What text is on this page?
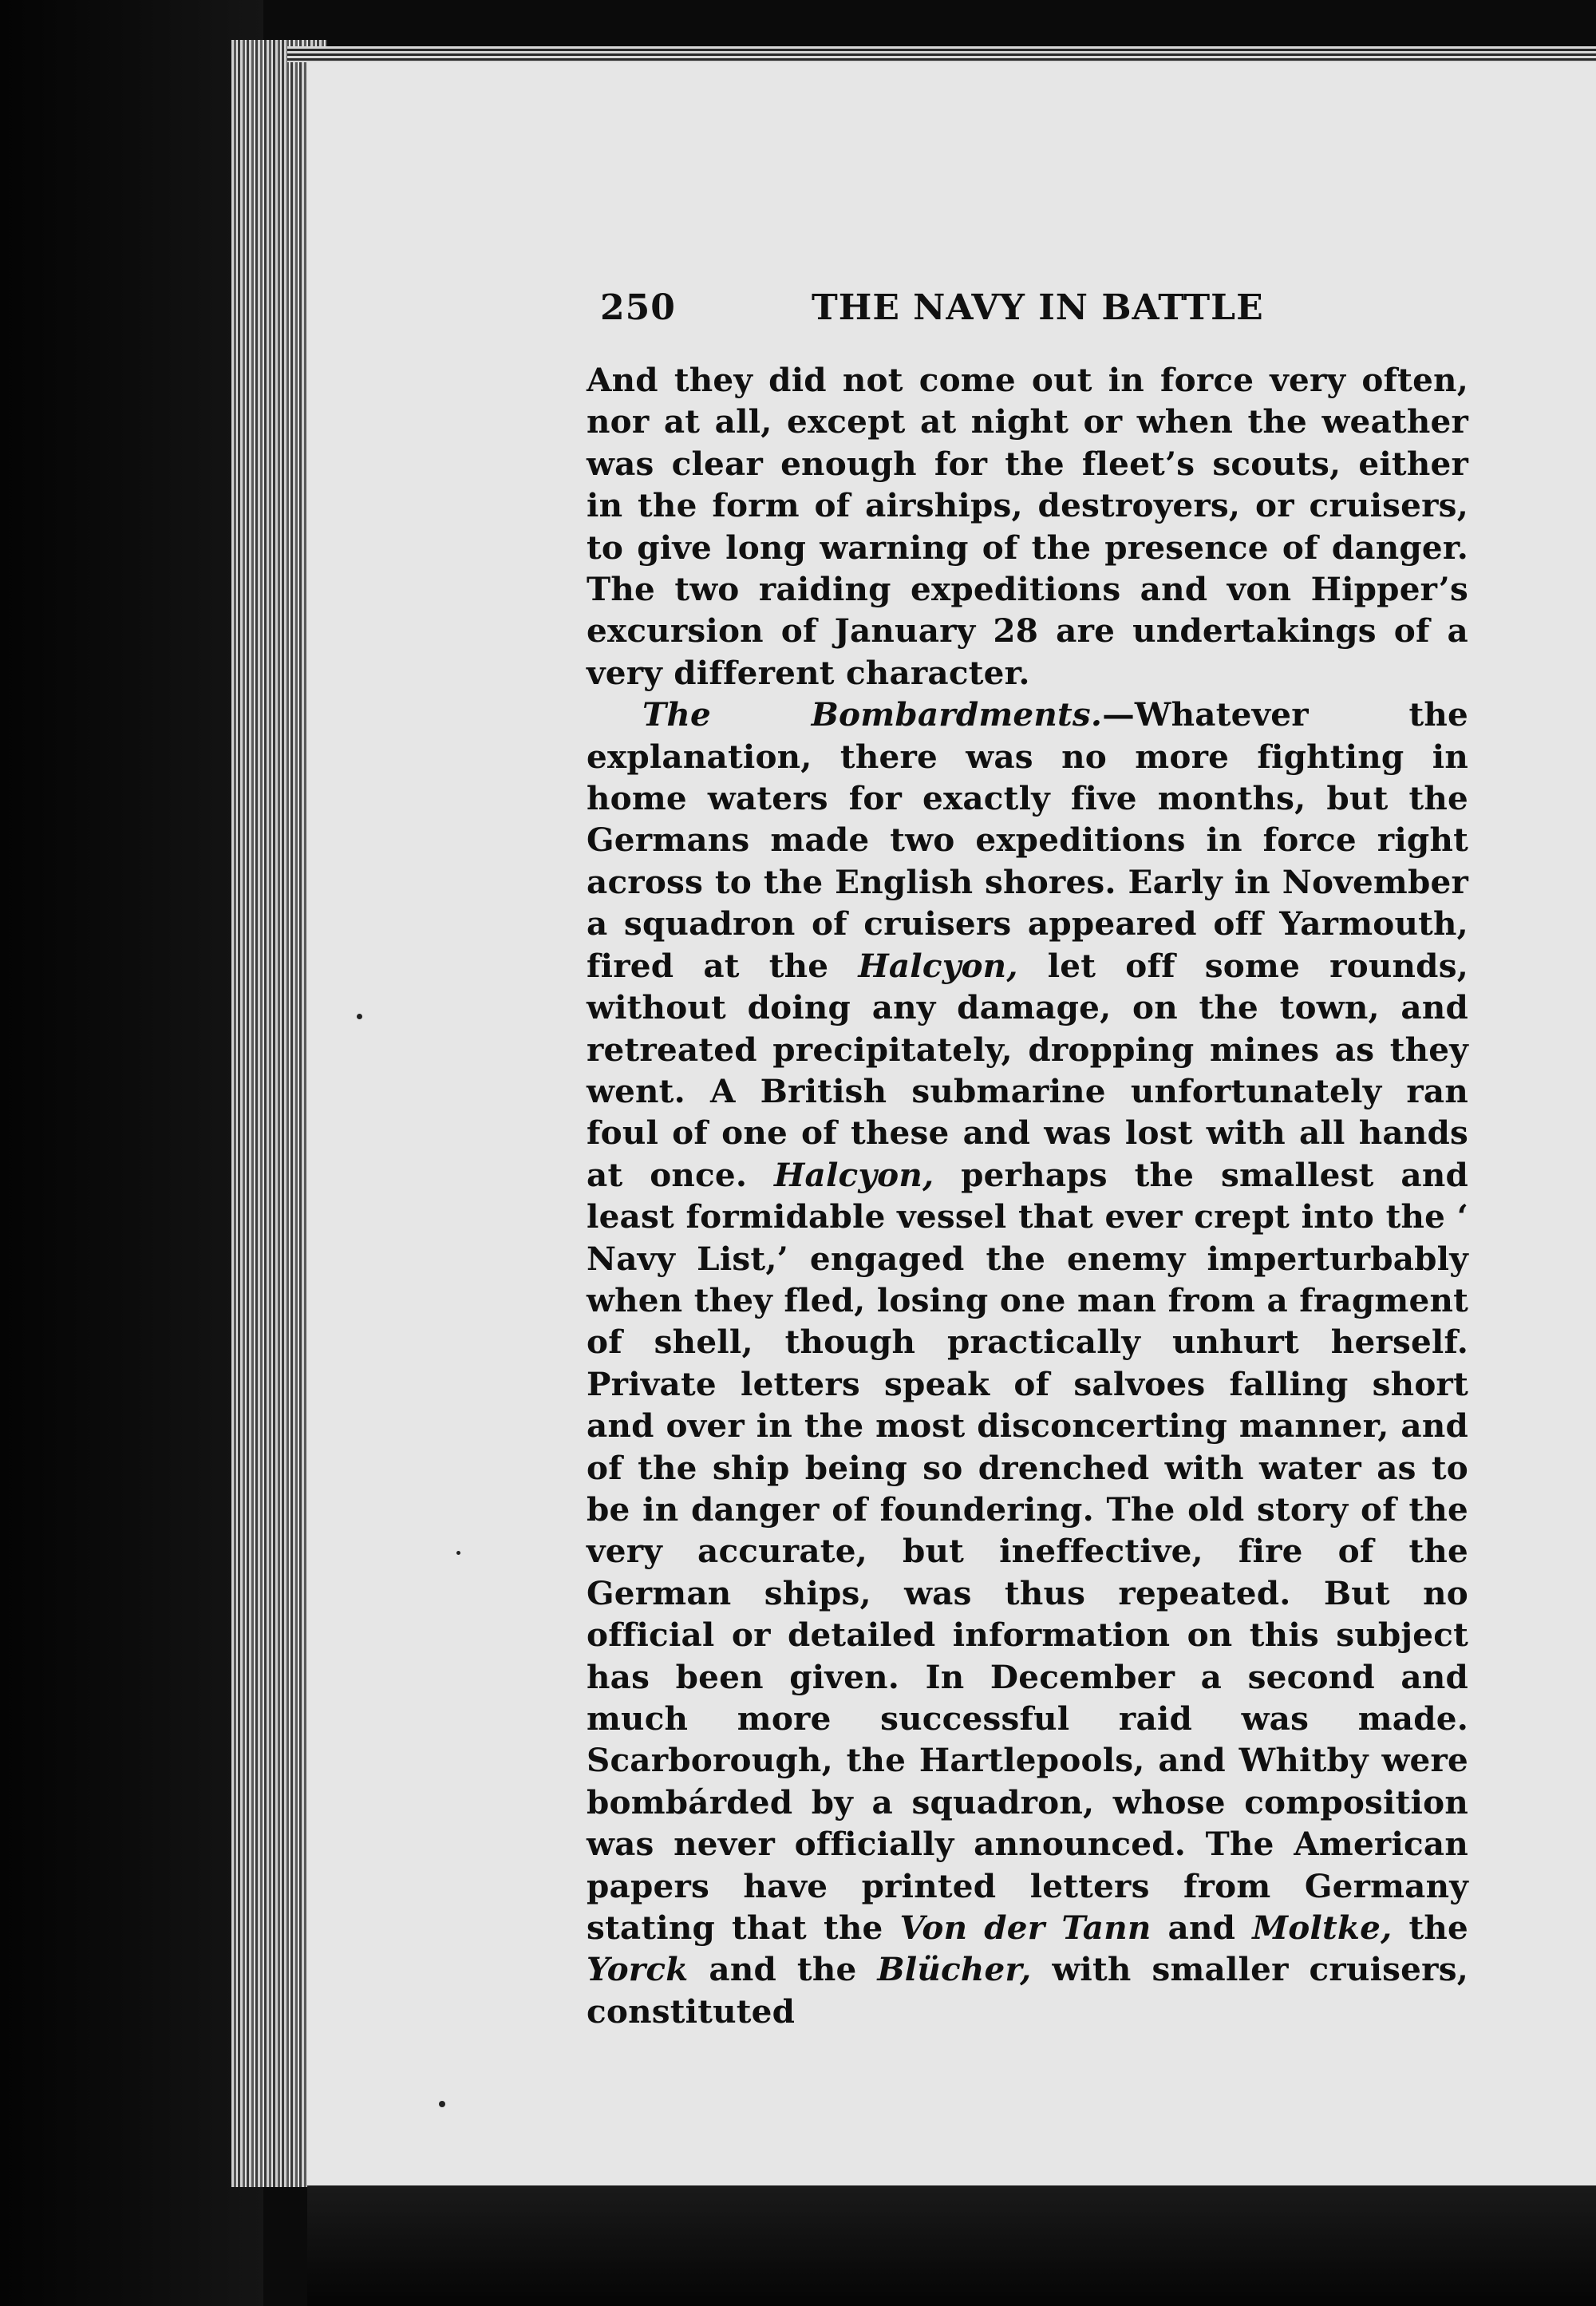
250	THE NAVY IN BATTLE

And they did not come out in force very often, nor at all, except at night or when the weather was clear enough for the fleet’s scouts, either in the form of airships, destroyers, or cruisers, to give long warning of the presence of danger. The two raiding expeditions and von Hipper’s excursion of January 28 are undertakings of a very different character.

The Bombardments.—Whatever the explanation, there was no more fighting in home waters for exactly five months, but the Germans made two expeditions in force right across to the English shores. Early in November a squadron of cruisers appeared off Yarmouth, fired at the Halcyon, let off some rounds, without doing any damage, on the town, and retreated precipitately, dropping mines as they went. A British submarine unfortunately ran foul of one of these and was lost with all hands at once. Halcyon, perhaps the smallest and least formidable vessel that ever crept into the ‘ Navy List,’ engaged the enemy imperturbably when they fled, losing one man from a fragment of shell, though practically unhurt herself. Private letters speak of salvoes falling short and over in the most disconcerting manner, and of the ship being so drenched with water as to be in danger of foundering. The old story of the very accurate, but ineffective, fire of the German ships, was thus repeated. But no official or detailed information on this subject has been given. In December a second and much more successful raid was made. Scarborough, the Hartlepools, and Whitby were bombárded by a squadron, whose composition was never officially announced. The American papers have printed letters from Germany stating that the Von der Tann and Moltke, the Yorck and the Blücher, with smaller cruisers, constituted
